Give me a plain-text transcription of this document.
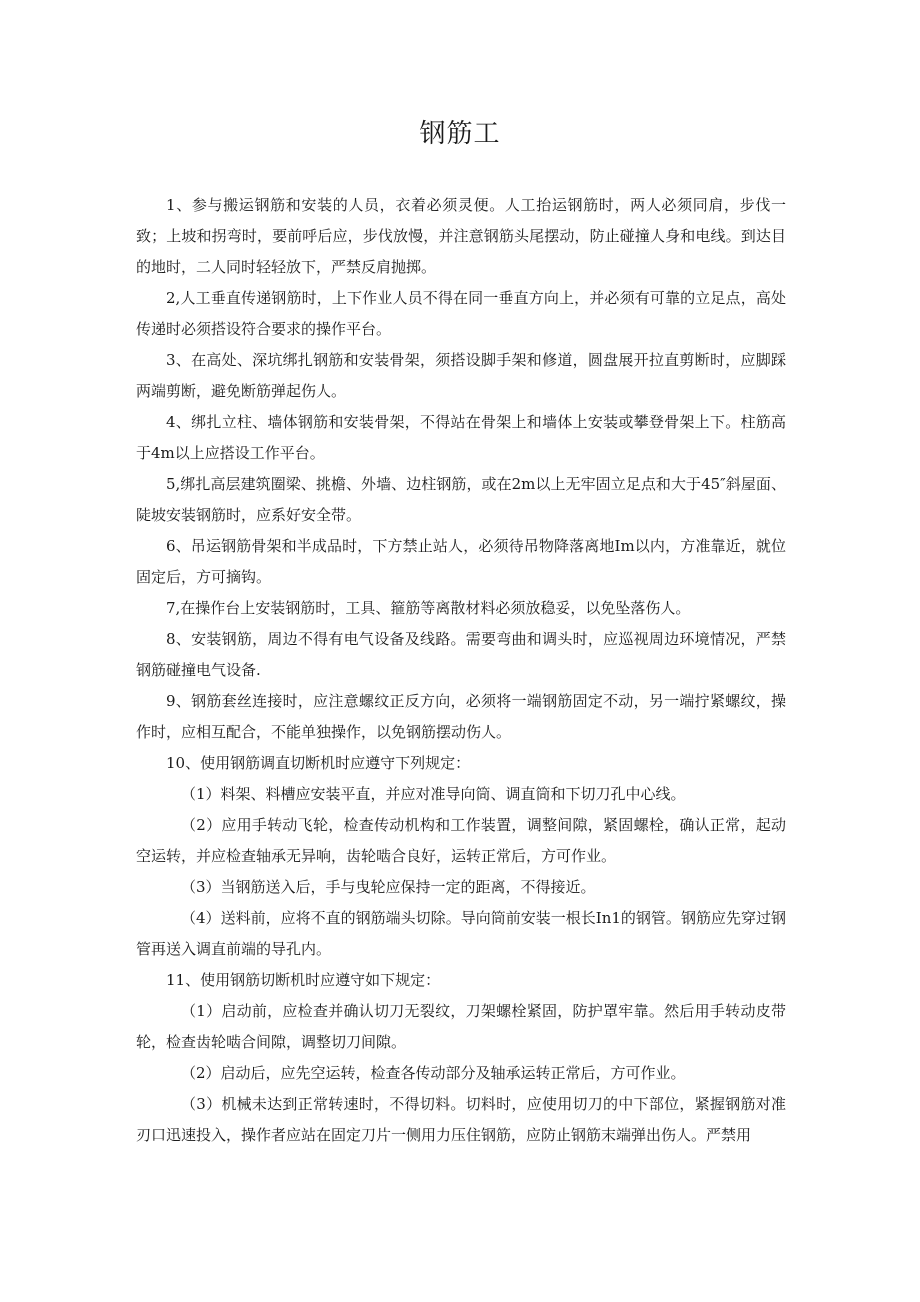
钢筋工

1、参与搬运钢筋和安装的人员，衣着必须灵便。人工抬运钢筋时，两人必须同肩，步伐一致；上坡和拐弯时，要前呼后应，步伐放慢，并注意钢筋头尾摆动，防止碰撞人身和电线。到达目的地时，二人同时轻轻放下，严禁反肩抛掷。

2,人工垂直传递钢筋时，上下作业人员不得在同一垂直方向上，并必须有可靠的立足点，高处传递时必须搭设符合要求的操作平台。

3、在高处、深坑绑扎钢筋和安装骨架，须搭设脚手架和修道，圆盘展开拉直剪断时，应脚踩两端剪断，避免断筋弹起伤人。

4、绑扎立柱、墙体钢筋和安装骨架，不得站在骨架上和墙体上安装或攀登骨架上下。柱筋高于4m以上应搭设工作平台。

5,绑扎高层建筑圈梁、挑檐、外墙、边柱钢筋，或在2m以上无牢固立足点和大于45″斜屋面、陡坡安装钢筋时，应系好安全带。

6、吊运钢筋骨架和半成品时，下方禁止站人，必须待吊物降落离地Im以内，方准靠近，就位固定后，方可摘钩。

7,在操作台上安装钢筋时，工具、箍筋等离散材料必须放稳妥，以免坠落伤人。

8、安装钢筋，周边不得有电气设备及线路。需要弯曲和调头时，应巡视周边环境情况，严禁钢筋碰撞电气设备.

9、钢筋套丝连接时，应注意螺纹正反方向，必须将一端钢筋固定不动，另一端拧紧螺纹，操作时，应相互配合，不能单独操作，以免钢筋摆动伤人。

10、使用钢筋调直切断机时应遵守下列规定：

（1）料架、料槽应安装平直，并应对准导向筒、调直筒和下切刀孔中心线。

（2）应用手转动飞轮，检查传动机构和工作装置，调整间隙，紧固螺栓，确认正常，起动空运转，并应检查轴承无异响，齿轮啮合良好，运转正常后，方可作业。

（3）当钢筋送入后，手与曳轮应保持一定的距离，不得接近。

（4）送料前，应将不直的钢筋端头切除。导向筒前安装一根长In1的钢管。钢筋应先穿过钢管再送入调直前端的导孔内。

11、使用钢筋切断机时应遵守如下规定：

（1）启动前，应检查并确认切刀无裂纹，刀架螺栓紧固，防护罩牢靠。然后用手转动皮带轮，检查齿轮啮合间隙，调整切刀间隙。

（2）启动后，应先空运转，检查各传动部分及轴承运转正常后，方可作业。

（3）机械未达到正常转速时，不得切料。切料时，应使用切刀的中下部位，紧握钢筋对准刃口迅速投入，操作者应站在固定刀片一侧用力压住钢筋，应防止钢筋末端弹出伤人。严禁用
